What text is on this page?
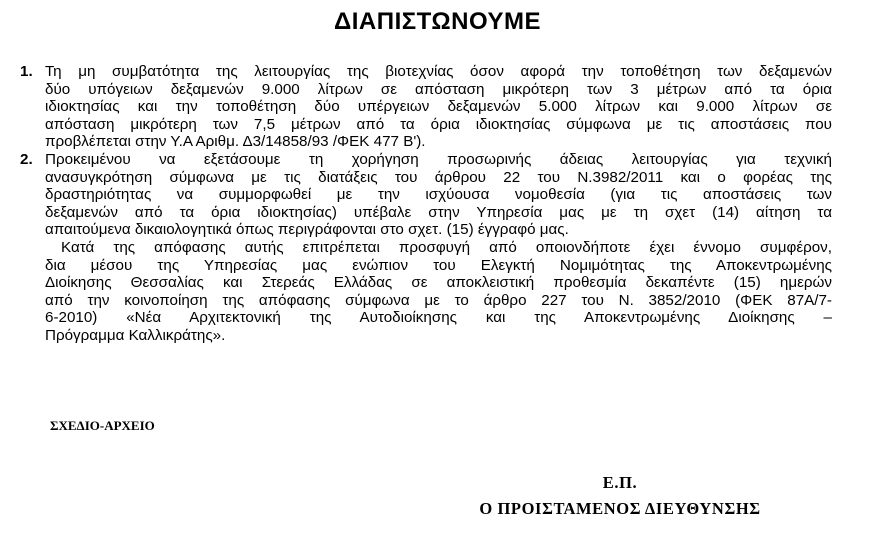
ΔΙΑΠΙΣΤΩΝΟΥΜΕ
1. Τη μη συμβατότητα της λειτουργίας της βιοτεχνίας όσον αφορά την τοποθέτηση των δεξαμενών
δύο υπόγειων δεξαμενών 9.000 λίτρων σε απόσταση μικρότερη των 3 μέτρων από τα όρια
ιδιοκτησίας και την τοποθέτηση δύο υπέργειων δεξαμενών 5.000 λίτρων και 9.000 λίτρων σε
απόσταση μικρότερη των 7,5 μέτρων από τα όρια ιδιοκτησίας σύμφωνα με τις αποστάσεις που
προβλέπεται στην Υ.Α Αριθμ. Δ3/14858/93 /ΦΕΚ 477 Β').
2. Προκειμένου να εξετάσουμε τη χορήγηση προσωρινής άδειας λειτουργίας για τεχνική
ανασυγκρότηση σύμφωνα με τις διατάξεις του άρθρου 22 του Ν.3982/2011 και ο φορέας της
δραστηριότητας να συμμορφωθεί με την ισχύουσα νομοθεσία (για τις αποστάσεις των
δεξαμενών από τα όρια ιδιοκτησίας) υπέβαλε στην Υπηρεσία μας με τη σχετ (14) αίτηση τα
απαιτούμενα δικαιολογητικά όπως περιγράφονται στο σχετ. (15) έγγραφό μας.
Κατά της απόφασης αυτής επιτρέπεται προσφυγή από οποιονδήποτε έχει έννομο συμφέρον,
δια μέσου της Υπηρεσίας μας ενώπιον του Ελεγκτή Νομιμότητας της Αποκεντρωμένης
Διοίκησης Θεσσαλίας και Στερεάς Ελλάδας σε αποκλειστική προθεσμία δεκαπέντε (15) ημερών
από την κοινοποίηση της απόφασης σύμφωνα με το άρθρο 227 του Ν. 3852/2010 (ΦΕΚ 87Α/7-
6-2010) «Νέα Αρχιτεκτονική της Αυτοδιοίκησης και της Αποκεντρωμένης Διοίκησης –
Πρόγραμμα Καλλικράτης».
ΣΧΕΔΙΟ-ΑΡΧΕΙΟ
Ε.Π.
Ο ΠΡΟΙΣΤΑΜΕΝΟΣ ΔΙΕΥΘΥΝΣΗΣ
